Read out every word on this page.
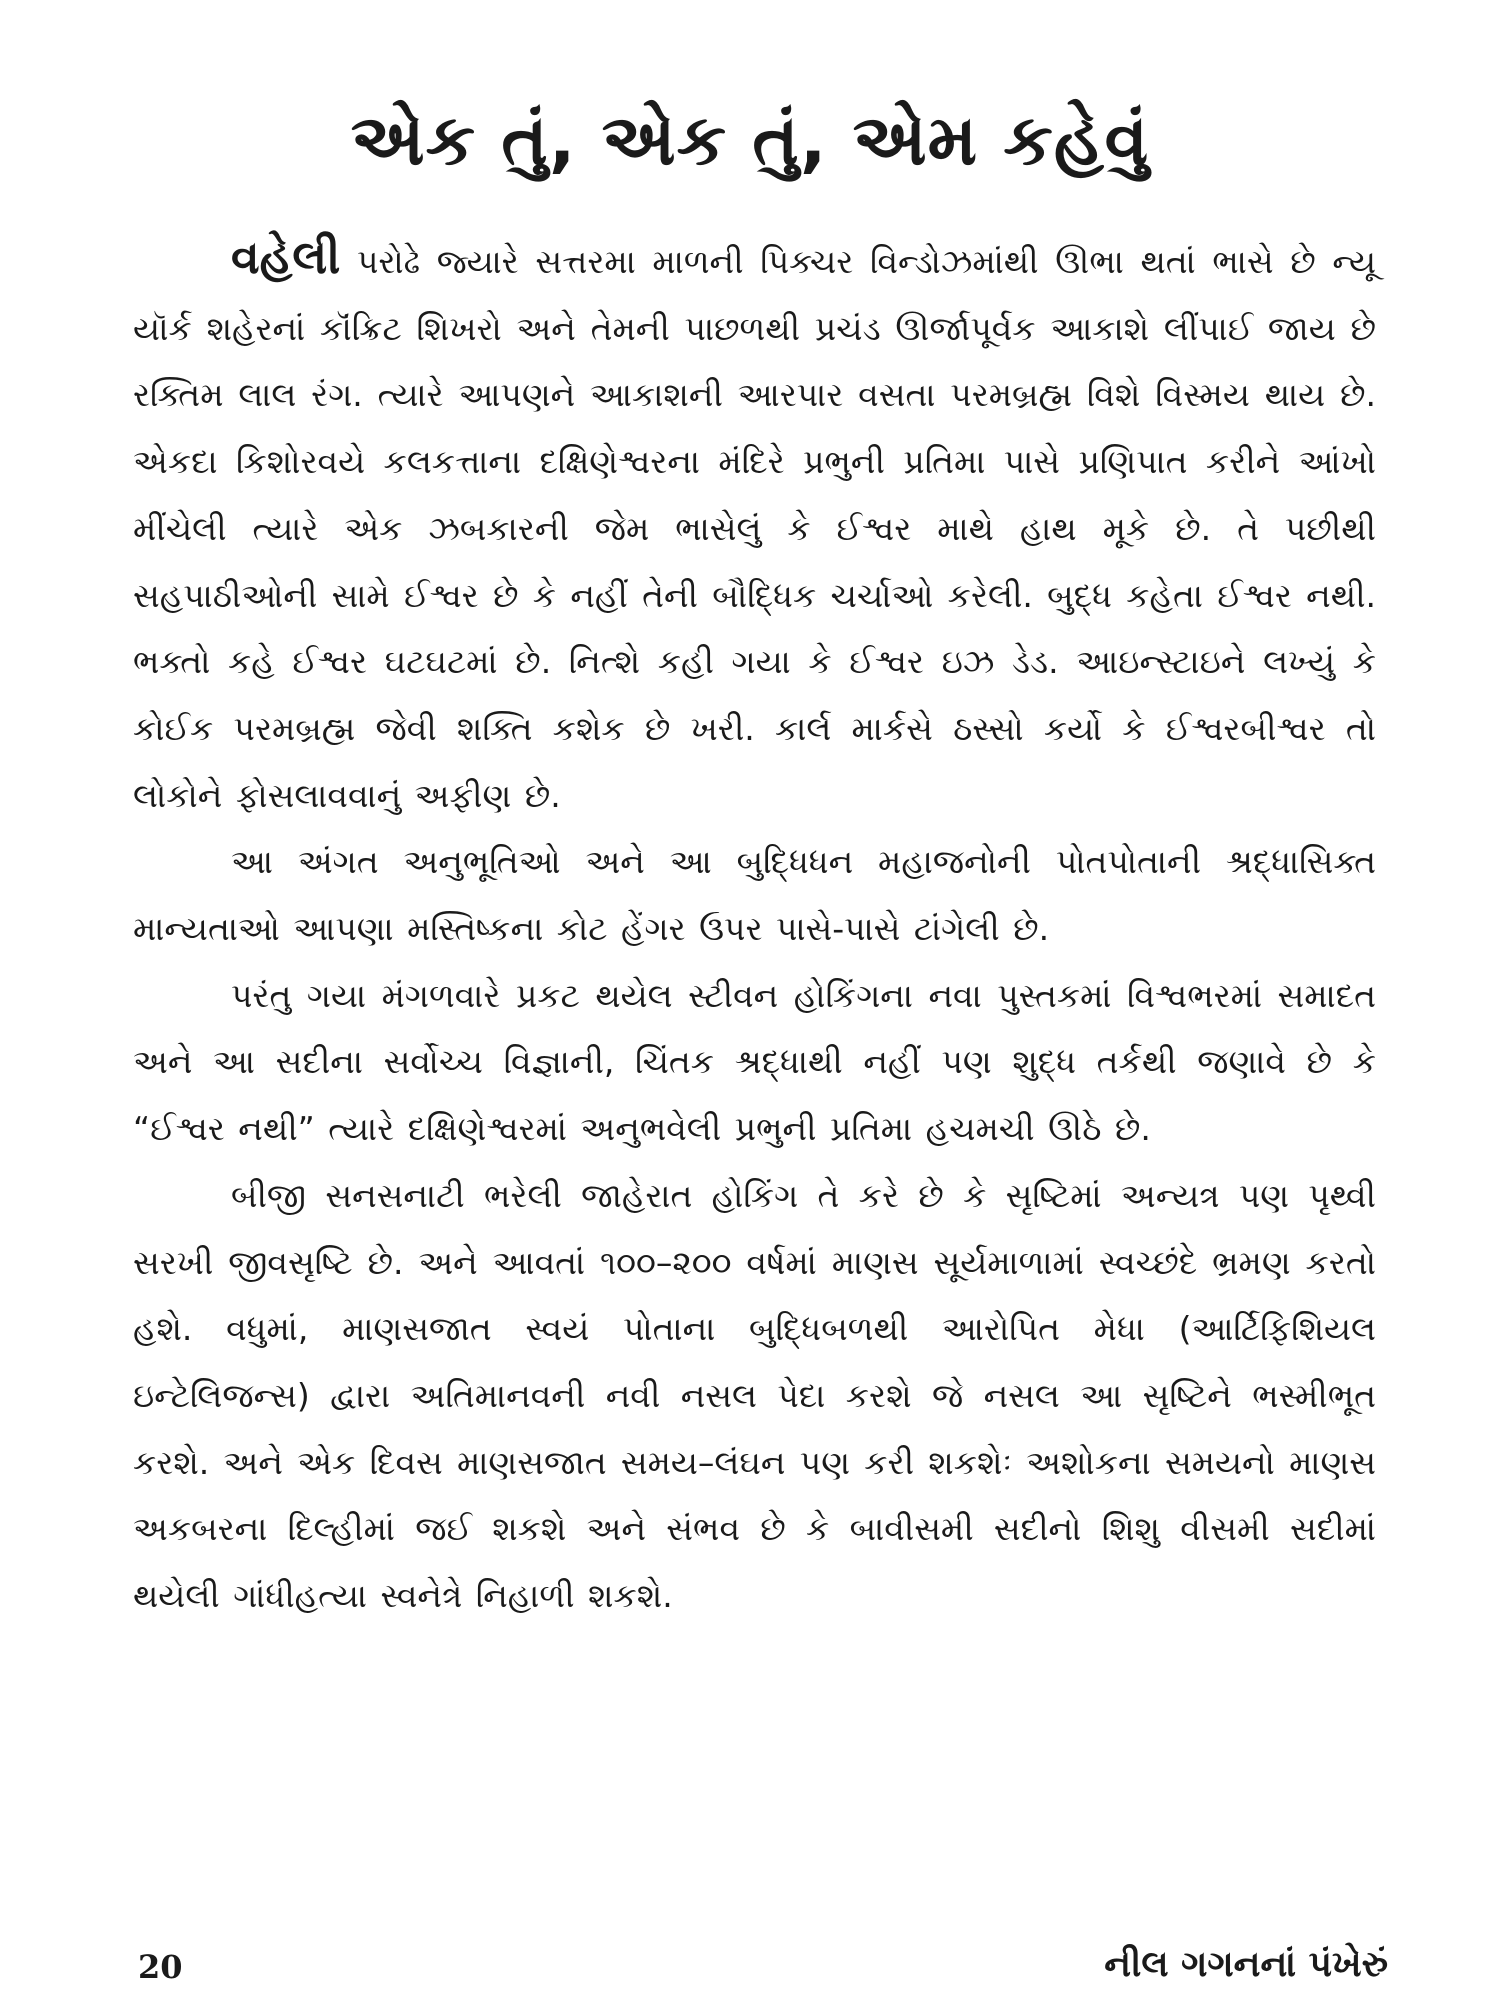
એક તું, એક તું, એમ કહેવું

વહેલી પરોઢે જ્યારે સત્તરમા માળની પિક્ચર વિન્ડોઝમાંથી ઊભા થતાં ભાસે છે ન્યૂ યૉર્ક શહેરનાં કૉંક્રિટ શિખરો અને તેમની પાછળથી પ્રચંડ ઊર્જાપૂર્વક આકાશે લીંપાઈ જાય છે રક્તિમ લાલ રંગ. ત્યારે આપણને આકાશની આરપાર વસતા પરમબ્રહ્મ વિશે વિસ્મય થાય છે. એકદા કિશોરવયે કલકત્તાના દક્ષિણેશ્વરના મંદિરે પ્રભુની પ્રતિમા પાસે પ્રણિપાત કરીને આંખો મીંચેલી ત્યારે એક ઝબકારની જેમ ભાસેલું કે ઈશ્વર માથે હાથ મૂકે છે. તે પછીથી સહપાઠીઓની સામે ઈશ્વર છે કે નહીં તેની બૌદ્ધિક ચર્ચાઓ કરેલી. બુદ્ધ કહેતા ઈશ્વર નથી. ભક્તો કહે ઈશ્વર ઘટઘટમાં છે. નિત્શે કહી ગયા કે ઈશ્વર ઇઝ ડેડ. આઇન્સ્ટાઇને લખ્યું કે કોઈક પરમબ્રહ્મ જેવી શક્તિ કશેક છે ખરી. કાર્લ માર્કસે ઠસ્સો કર્યો કે ઈશ્વરબીશ્વર તો લોકોને ફોસલાવવાનું અફીણ છે.

આ અંગત અનુભૂતિઓ અને આ બુદ્ધિધન મહાજનોની પોતપોતાની શ્રદ્ધાસિક્ત માન્યતાઓ આપણા મસ્તિષ્કના કોટ હેંગર ઉપર પાસે-પાસે ટાંગેલી છે.

પરંતુ ગયા મંગળવારે પ્રકટ થયેલ સ્ટીવન હોકિંગના નવા પુસ્તકમાં વિશ્વભરમાં સમાદત અને આ સદીના સર્વોચ્ચ વિજ્ઞાની, ચિંતક શ્રદ્ધાથી નહીં પણ શુદ્ધ તર્કથી જણાવે છે કે “ઈશ્વર નથી” ત્યારે દક્ષિણેશ્વરમાં અનુભવેલી પ્રભુની પ્રતિમા હચમચી ઊઠે છે.

બીજી સનસનાટી ભરેલી જાહેરાત હોકિંગ તે કરે છે કે સૃષ્ટિમાં અન્યત્ર પણ પૃથ્વી સરખી જીવસૃષ્ટિ છે. અને આવતાં ૧૦૦–૨૦૦ વર્ષમાં માણસ સૂર્યમાળામાં સ્વચ્છંદે ભ્રમણ કરતો હશે. વધુમાં, માણસજાત સ્વયં પોતાના બુદ્ધિબળથી આરોપિત મેધા (આર્ટિફિશિયલ ઇન્ટેલિજન્સ) દ્વારા અતિમાનવની નવી નસલ પેદા કરશે જે નસલ આ સૃષ્ટિને ભસ્મીભૂત કરશે. અને એક દિવસ માણસજાત સમય–લંઘન પણ કરી શકશેઃ અશોકના સમયનો માણસ અકબરના દિલ્હીમાં જઈ શકશે અને સંભવ છે કે બાવીસમી સદીનો શિશુ વીસમી સદીમાં થયેલી ગાંધીહત્યા સ્વનેત્રે નિહાળી શકશે.

20	નીલ ગગનનાં પંખેરું
